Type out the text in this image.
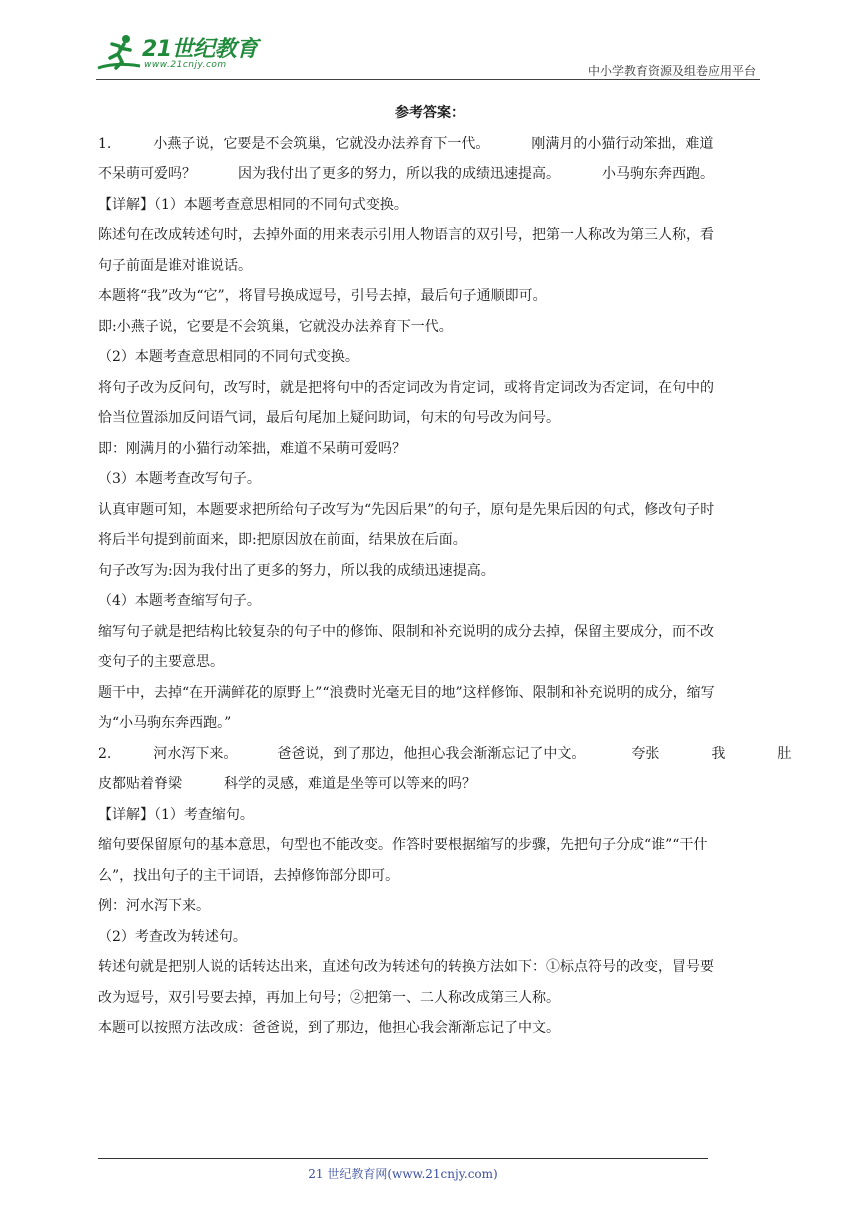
21世纪教育
www.21cnjy.com	中小学教育资源及组卷应用平台

参考答案：

1.	小燕子说，它要是不会筑巢，它就没办法养育下一代。	刚满月的小猫行动笨拙，难道

不呆萌可爱吗？	因为我付出了更多的努力，所以我的成绩迅速提高。	小马驹东奔西跑。

【详解】（1）本题考查意思相同的不同句式变换。

陈述句在改成转述句时，去掉外面的用来表示引用人物语言的双引号，把第一人称改为第三人称，看

句子前面是谁对谁说话。

本题将“我”改为“它”，将冒号换成逗号，引号去掉，最后句子通顺即可。

即:小燕子说，它要是不会筑巢，它就没办法养育下一代。

（2）本题考查意思相同的不同句式变换。

将句子改为反问句，改写时，就是把将句中的否定词改为肯定词，或将肯定词改为否定词，在句中的

恰当位置添加反问语气词，最后句尾加上疑问助词，句末的句号改为问号。

即：刚满月的小猫行动笨拙，难道不呆萌可爱吗？

（3）本题考查改写句子。

认真审题可知，本题要求把所给句子改写为“先因后果”的句子，原句是先果后因的句式，修改句子时

将后半句提到前面来，即:把原因放在前面，结果放在后面。

句子改写为:因为我付出了更多的努力，所以我的成绩迅速提高。

（4）本题考查缩写句子。

缩写句子就是把结构比较复杂的句子中的修饰、限制和补充说明的成分去掉，保留主要成分，而不改

变句子的主要意思。

题干中，去掉“在开满鲜花的原野上”“浪费时光毫无目的地”这样修饰、限制和补充说明的成分，缩写

为“小马驹东奔西跑。”

2.	河水泻下来。	爸爸说，到了那边，他担心我会渐渐忘记了中文。	夸张	我	肚

皮都贴着脊梁	科学的灵感，难道是坐等可以等来的吗？

【详解】（1）考查缩句。

缩句要保留原句的基本意思，句型也不能改变。作答时要根据缩写的步骤，先把句子分成“谁”“干什

么”，找出句子的主干词语，去掉修饰部分即可。

例：河水泻下来。

（2）考查改为转述句。

转述句就是把别人说的话转达出来，直述句改为转述句的转换方法如下：①标点符号的改变，冒号要

改为逗号，双引号要去掉，再加上句号；②把第一、二人称改成第三人称。

本题可以按照方法改成：爸爸说，到了那边，他担心我会渐渐忘记了中文。

21 世纪教育网(www.21cnjy.com)
